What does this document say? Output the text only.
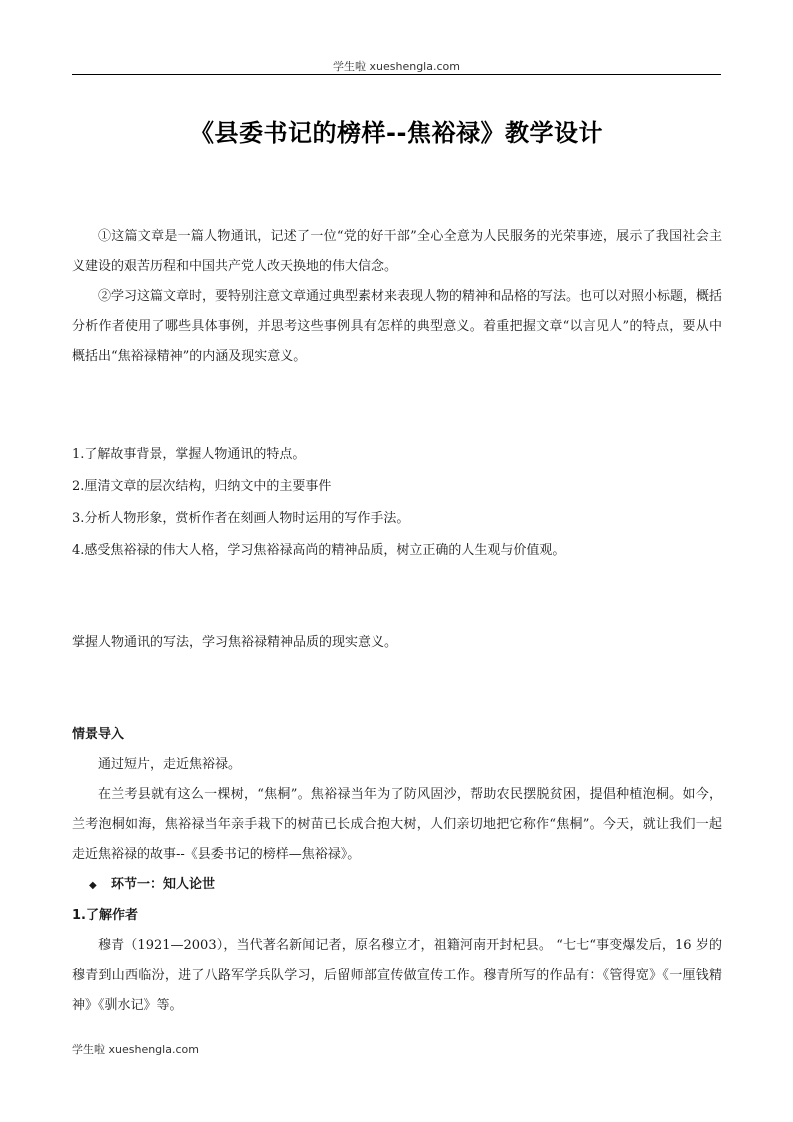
学生啦 xueshengla.com
《县委书记的榜样--焦裕禄》教学设计

①这篇文章是一篇人物通讯，记述了一位“党的好干部”全心全意为人民服务的光荣事迹，展示了我国社会主义建设的艰苦历程和中国共产党人改天换地的伟大信念。

②学习这篇文章时，要特别注意文章通过典型素材来表现人物的精神和品格的写法。也可以对照小标题，概括分析作者使用了哪些具体事例，并思考这些事例具有怎样的典型意义。着重把握文章“以言见人”的特点，要从中概括出“焦裕禄精神”的内涵及现实意义。

1.了解故事背景，掌握人物通讯的特点。

2.厘清文章的层次结构，归纳文中的主要事件

3.分析人物形象，赏析作者在刻画人物时运用的写作手法。

4.感受焦裕禄的伟大人格，学习焦裕禄高尚的精神品质，树立正确的人生观与价值观。

掌握人物通讯的写法，学习焦裕禄精神品质的现实意义。

情景导入

通过短片，走近焦裕禄。

在兰考县就有这么一棵树，“焦桐”。焦裕禄当年为了防风固沙，帮助农民摆脱贫困，提倡种植泡桐。如今，兰考泡桐如海，焦裕禄当年亲手栽下的树苗已长成合抱大树，人们亲切地把它称作“焦桐”。今天，就让我们一起走近焦裕禄的故事--《县委书记的榜样—焦裕禄》。

◆ 环节一：知人论世

1.了解作者

穆青（1921—2003），当代著名新闻记者，原名穆立才，祖籍河南开封杞县。 “七七“事变爆发后，16 岁的穆青到山西临汾，进了八路军学兵队学习，后留师部宣传做宣传工作。穆青所写的作品有：《管得宽》《一厘钱精神》《驯水记》等。

学生啦 xueshengla.com
